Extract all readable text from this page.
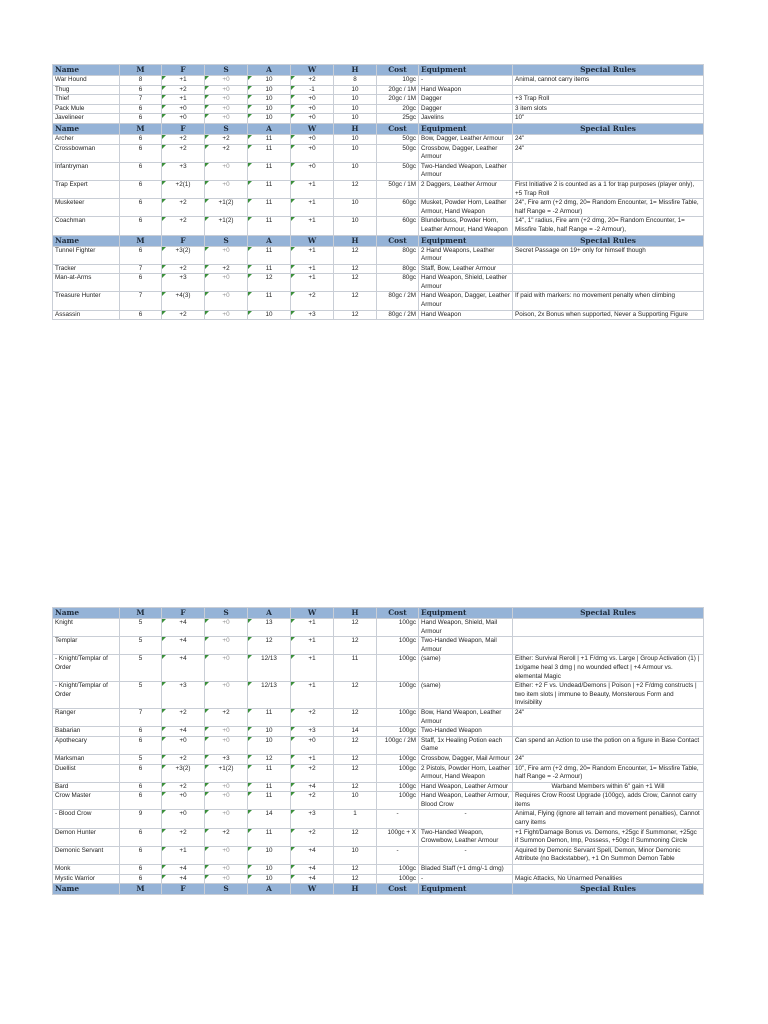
Name	M	F	S	A	W	H	Cost	Equipment	Special Rules
War Hound	8	+1	+0	10	+2	8	10gc	-	Animal, cannot carry items
Thug	6	+2	+0	10	-1	10	20gc / 1M	Hand Weapon	
Thief	7	+1	+0	10	+0	10	20gc / 1M	Dagger	+3 Trap Roll
Pack Mule	6	+0	+0	10	+0	10	20gc	Dagger	3 item slots
Javelineer	6	+0	+0	10	+0	10	25gc	Javelins	10"
Name	M	F	S	A	W	H	Cost	Equipment	Special Rules
Archer	6	+2	+2	11	+0	10	50gc	Bow, Dagger, Leather Armour	24"
Crossbowman	6	+2	+2	11	+0	10	50gc	Crossbow, Dagger, Leather Armour	24"
Infantryman	6	+3	+0	11	+0	10	50gc	Two-Handed Weapon, Leather Armour	
Trap Expert	6	+2(1)	+0	11	+1	12	50gc / 1M	2 Daggers, Leather Armour	First Initiative 2 is counted as a 1 for trap purposes (player only), +5 Trap Roll
Musketeer	6	+2	+1(2)	11	+1	10	60gc	Musket, Powder Horn, Leather Armour, Hand Weapon	24", Fire arm (+2 dmg, 20= Random Encounter, 1= Missfire Table, half Range = -2 Armour)
Coachman	6	+2	+1(2)	11	+1	10	60gc	Blunderbuss, Powder Horn, Leather Armour, Hand Weapon	14", 1" radius, Fire arm (+2 dmg, 20= Random Encounter, 1= Missfire Table, half Range = -2 Armour),
Name	M	F	S	A	W	H	Cost	Equipment	Special Rules
Tunnel Fighter	6	+3(2)	+0	11	+1	12	80gc	2 Hand Weapons, Leather Armour	Secret Passage on 19+ only for himself though
Tracker	7	+2	+2	11	+1	12	80gc	Staff, Bow, Leather Armour	
Man-at-Arms	6	+3	+0	12	+1	12	80gc	Hand Weapon, Shield, Leather Armour	
Treasure Hunter	7	+4(3)	+0	11	+2	12	80gc / 2M	Hand Weapon, Dagger, Leather Armour	If paid with markers: no movement penalty when climbing
Assassin	6	+2	+0	10	+3	12	80gc / 2M	Hand Weapon	Poison, 2x Bonus when supported, Never a Supporting Figure
Name	M	F	S	A	W	H	Cost	Equipment	Special Rules
Knight	5	+4	+0	13	+1	12	100gc	Hand Weapon, Shield, Mail Armour	
Templar	5	+4	+0	12	+1	12	100gc	Two-Handed Weapon, Mail Armour	
- Knight/Templar of Order	5	+4	+0	12/13	+1	11	100gc	(same)	Either: Survival Reroll | +1 F/dmg vs. Large | Group Activation (1) | 1x/game heal 3 dmg | no wounded effect | +4 Armour vs. elemental Magic
- Knight/Templar of Order	5	+3	+0	12/13	+1	12	100gc	(same)	Either: +2 F vs. Undead/Demons | Poison | +2 F/dmg constructs | two item slots | immune to Beauty, Monsterous Form and Invisibility
Ranger	7	+2	+2	11	+2	12	100gc	Bow, Hand Weapon, Leather Armour	24"
Babarian	6	+4	+0	10	+3	14	100gc	Two-Handed Weapon	
Apothecary	6	+0	+0	10	+0	12	100gc / 2M	Staff, 1x Healing Potion each Game	Can spend an Action to use the potion on a figure in Base Contact
Marksman	5	+2	+3	12	+1	12	100gc	Crossbow, Dagger, Mail Armour	24"
Duellist	6	+3(2)	+1(2)	11	+2	12	100gc	2 Pistols, Powder Horn, Leather Armour, Hand Weapon	10", Fire arm (+2 dmg, 20= Random Encounter, 1= Missfire Table, half Range = -2 Armour)
Bard	6	+2	+0	11	+4	12	100gc	Hand Weapon, Leather Armour	Warband Members within 6" gain +1 Will
Crow Master	6	+0	+0	11	+2	10	100gc	Hand Weapon, Leather Armour, Blood Crow	Requires Crow Roost Upgrade (100gc), adds Crow, Cannot carry items
- Blood Crow	9	+0	+0	14	+3	1	-	-	Animal, Flying (ignore all terrain and movement penalties), Cannot carry items
Demon Hunter	6	+2	+2	11	+2	12	100gc + X	Two-Handed Weapon, Crowwbow, Leather Armour	+1 Fight/Damage Bonus vs. Demons, +25gc if Summoner, +25gc if Summon Demon, Imp, Possess, +50gc if Summoning Circle
Demonic Servant	6	+1	+0	10	+4	10	-	-	Aquired by Demonic Servant Spell, Demon, Minor Demonic Attribute (no Backstabber), +1 On Summon Demon Table
Monk	6	+4	+0	10	+4	12	100gc	Bladed Staff (+1 dmg/-1 dmg)	
Mystic Warrior	6	+4	+0	10	+4	12	100gc	-	Magic Attacks, No Unarmed Penalities
Name	M	F	S	A	W	H	Cost	Equipment	Special Rules
